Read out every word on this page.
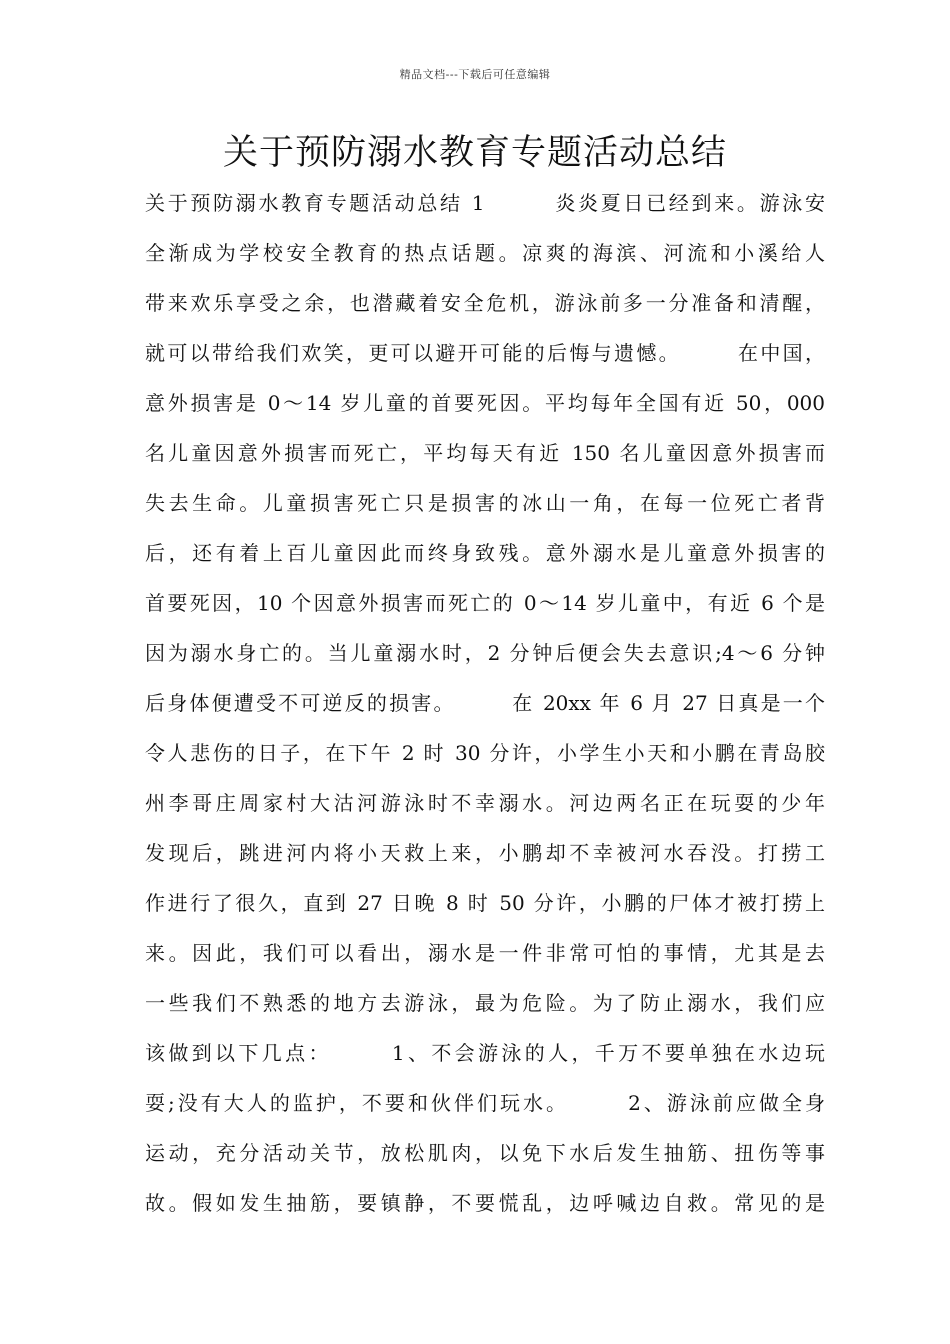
精品文档---下载后可任意编辑
关于预防溺水教育专题活动总结
关于预防溺水教育专题活动总结 1　　　炎炎夏日已经到来。游泳安
全渐成为学校安全教育的热点话题。凉爽的海滨、河流和小溪给人
带来欢乐享受之余，也潜藏着安全危机，游泳前多一分准备和清醒，
就可以带给我们欢笑，更可以避开可能的后悔与遗憾。　　　在中国，
意外损害是 0～14 岁儿童的首要死因。平均每年全国有近 50，000
名儿童因意外损害而死亡，平均每天有近 150 名儿童因意外损害而
失去生命。儿童损害死亡只是损害的冰山一角，在每一位死亡者背
后，还有着上百儿童因此而终身致残。意外溺水是儿童意外损害的
首要死因，10 个因意外损害而死亡的 0～14 岁儿童中，有近 6 个是
因为溺水身亡的。当儿童溺水时，2 分钟后便会失去意识;4～6 分钟
后身体便遭受不可逆反的损害。　　　在 20xx 年 6 月 27 日真是一个
令人悲伤的日子，在下午 2 时 30 分许，小学生小天和小鹏在青岛胶
州李哥庄周家村大沽河游泳时不幸溺水。河边两名正在玩耍的少年
发现后，跳进河内将小天救上来，小鹏却不幸被河水吞没。打捞工
作进行了很久，直到 27 日晚 8 时 50 分许，小鹏的尸体才被打捞上
来。因此，我们可以看出，溺水是一件非常可怕的事情，尤其是去
一些我们不熟悉的地方去游泳，最为危险。为了防止溺水，我们应
该做到以下几点：　　　1、不会游泳的人，千万不要单独在水边玩
耍;没有大人的监护，不要和伙伴们玩水。　　　2、游泳前应做全身
运动，充分活动关节，放松肌肉，以免下水后发生抽筋、扭伤等事
故。假如发生抽筋，要镇静，不要慌乱，边呼喊边自救。常见的是
